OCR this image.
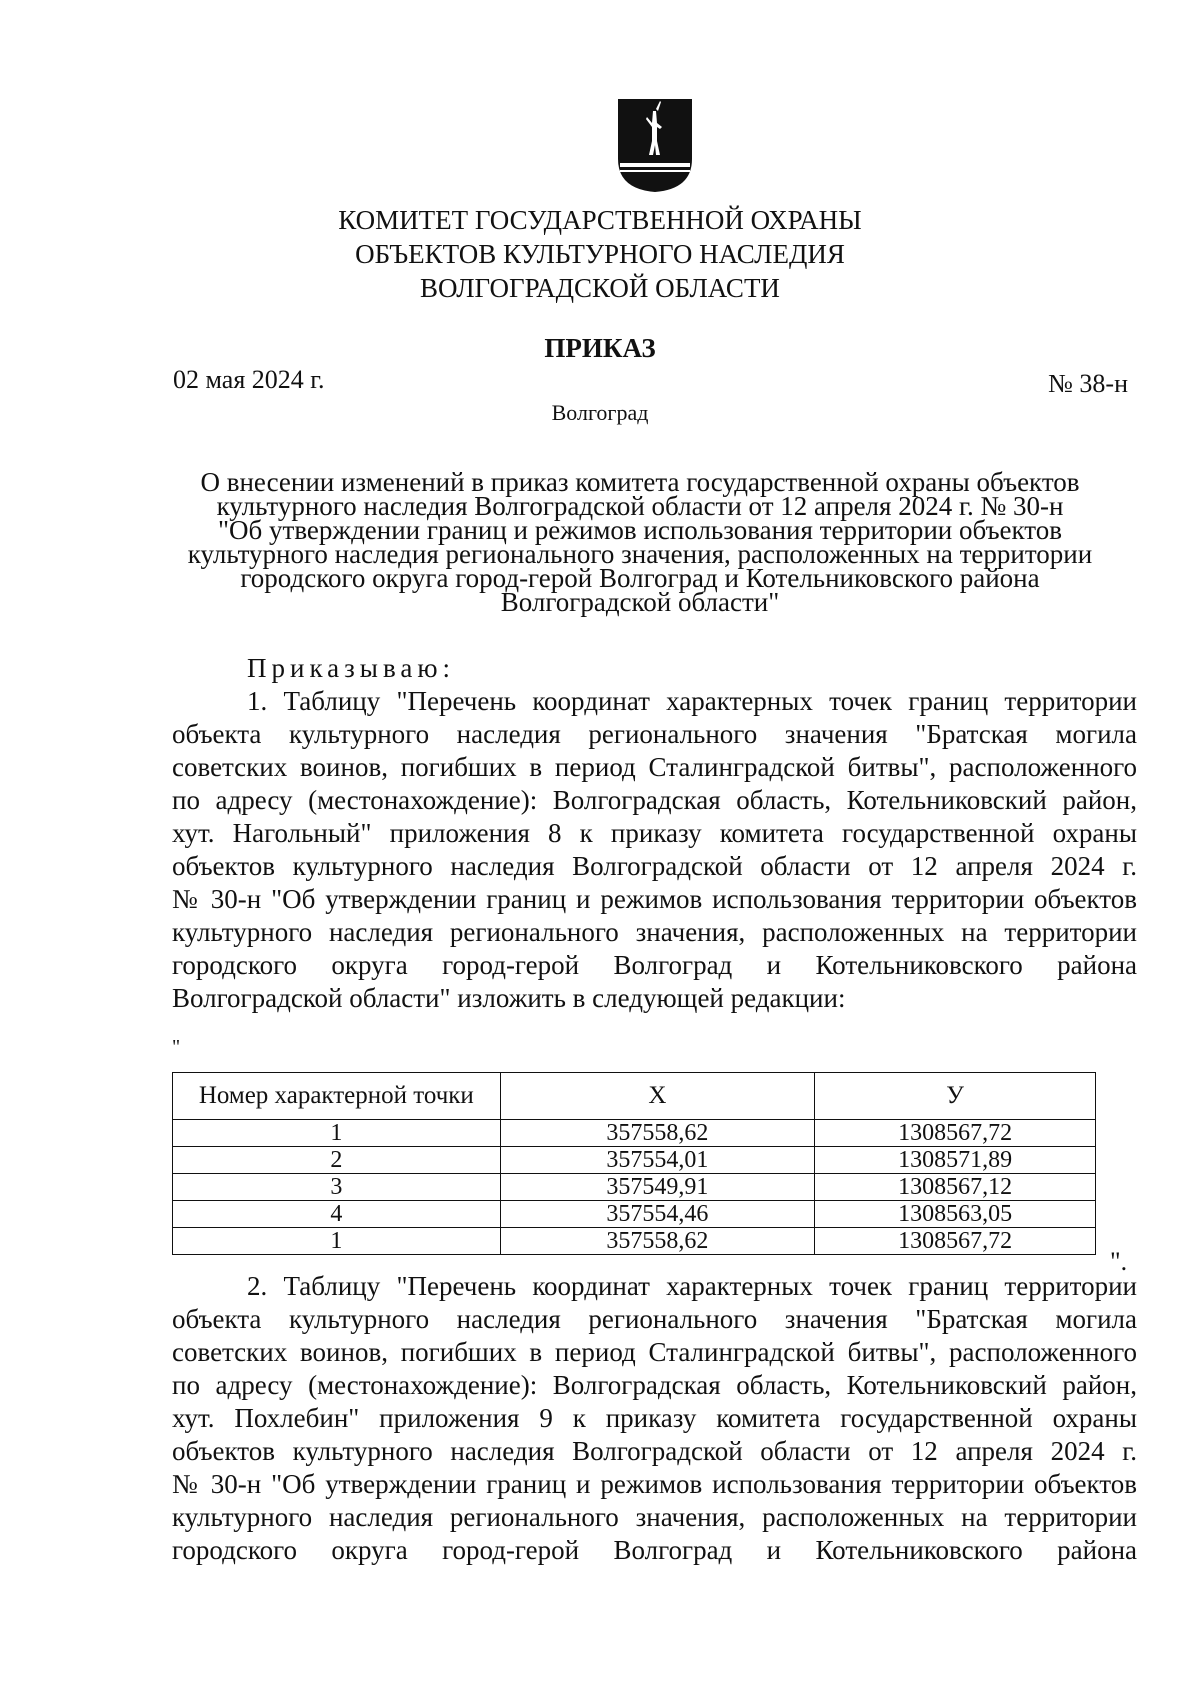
КОМИТЕТ ГОСУДАРСТВЕННОЙ ОХРАНЫ
ОБЪЕКТОВ КУЛЬТУРНОГО НАСЛЕДИЯ
ВОЛГОГРАДСКОЙ ОБЛАСТИ
ПРИКАЗ
02 мая 2024 г.	№ 38-н
Волгоград
О внесении изменений в приказ комитета государственной охраны объектов
культурного наследия Волгоградской области от 12 апреля 2024 г. № 30-н
"Об утверждении границ и режимов использования территории объектов
культурного наследия регионального значения, расположенных на территории
городского округа город-герой Волгоград и Котельниковского района
Волгоградской области"
Приказываю:
1. Таблицу "Перечень координат характерных точек границ территории
объекта культурного наследия регионального значения "Братская могила
советских воинов, погибших в период Сталинградской битвы", расположенного
по адресу (местонахождение): Волгоградская область, Котельниковский район,
хут. Нагольный" приложения 8 к приказу комитета государственной охраны
объектов культурного наследия Волгоградской области от 12 апреля 2024 г.
№ 30-н "Об утверждении границ и режимов использования территории объектов
культурного наследия регионального значения, расположенных на территории
городского округа город-герой Волгоград и Котельниковского района
Волгоградской области" изложить в следующей редакции:
"
Номер характерной точки	X	У
1	357558,62	1308567,72
2	357554,01	1308571,89
3	357549,91	1308567,12
4	357554,46	1308563,05
1	357558,62	1308567,72
".
2. Таблицу "Перечень координат характерных точек границ территории
объекта культурного наследия регионального значения "Братская могила
советских воинов, погибших в период Сталинградской битвы", расположенного
по адресу (местонахождение): Волгоградская область, Котельниковский район,
хут. Похлебин" приложения 9 к приказу комитета государственной охраны
объектов культурного наследия Волгоградской области от 12 апреля 2024 г.
№ 30-н "Об утверждении границ и режимов использования территории объектов
культурного наследия регионального значения, расположенных на территории
городского округа город-герой Волгоград и Котельниковского района
